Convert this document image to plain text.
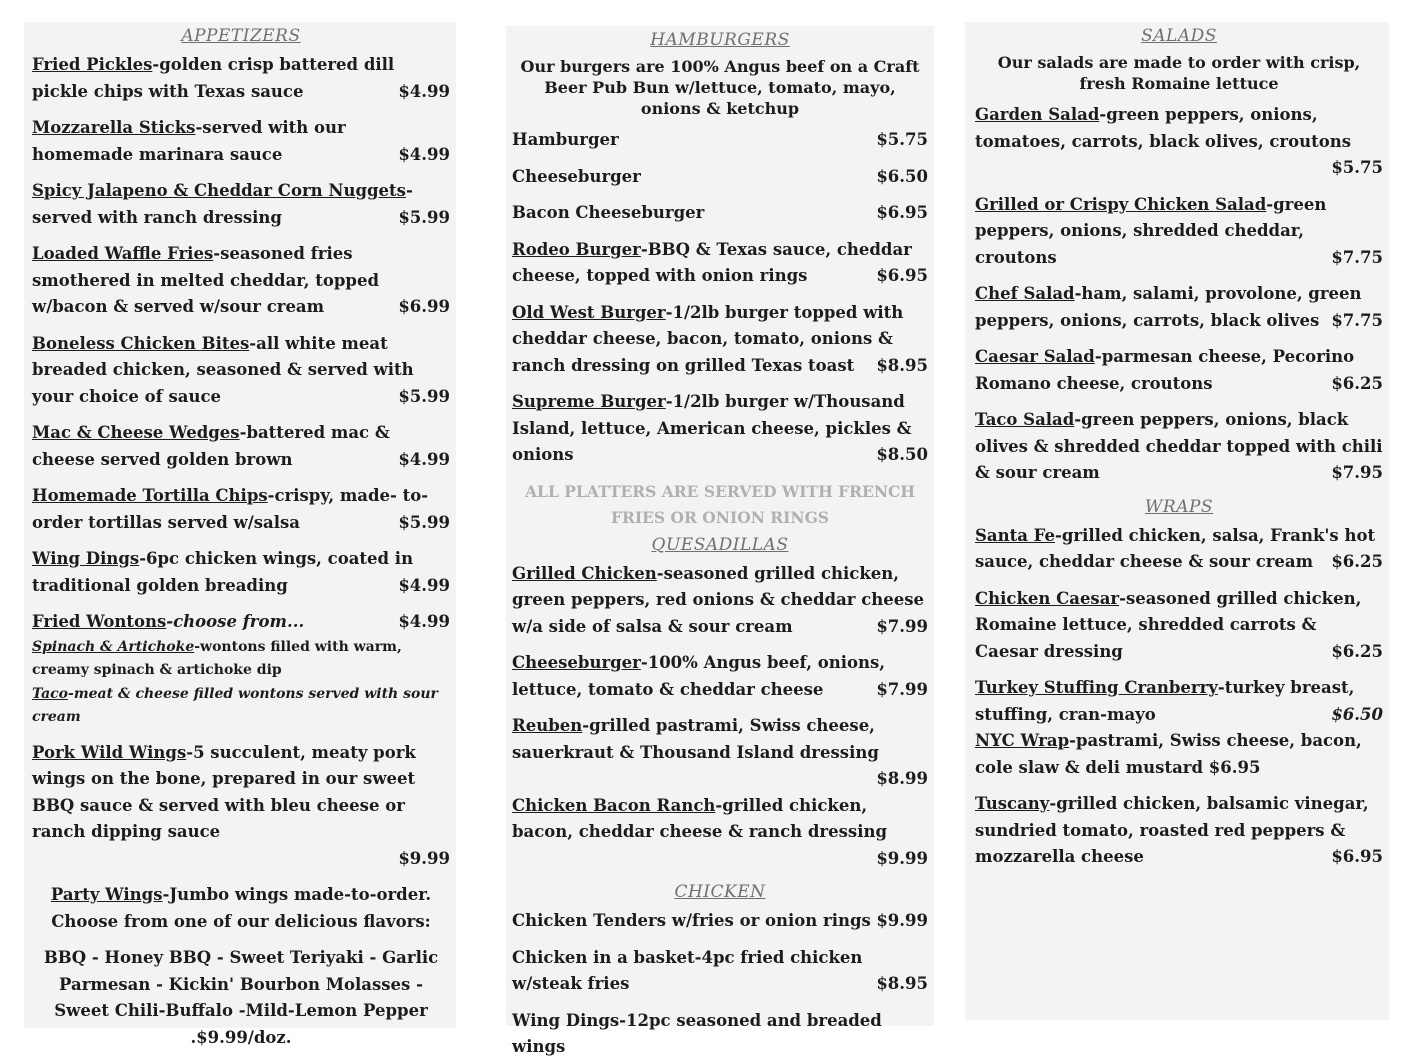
APPETIZERS
Fried Pickles-golden crisp battered dill pickle chips with Texas sauce	$4.99
Mozzarella Sticks-served with our homemade marinara sauce	$4.99
Spicy Jalapeno & Cheddar Corn Nuggets-served with ranch dressing	$5.99
Loaded Waffle Fries-seasoned fries smothered in melted cheddar, topped w/bacon & served w/sour cream	$6.99
Boneless Chicken Bites-all white meat breaded chicken, seasoned & served with your choice of sauce	$5.99
Mac & Cheese Wedges-battered mac & cheese served golden brown	$4.99
Homemade Tortilla Chips-crispy, made- to-order tortillas served w/salsa	$5.99
Wing Dings-6pc chicken wings, coated in traditional golden breading	$4.99
Fried Wontons-choose from...	$4.99
Spinach & Artichoke-wontons filled with warm, creamy spinach & artichoke dip
Taco-meat & cheese filled wontons served with sour cream
Pork Wild Wings-5 succulent, meaty pork wings on the bone, prepared in our sweet BBQ sauce & served with bleu cheese or ranch dipping sauce
$9.99
Party Wings-Jumbo wings made-to-order. Choose from one of our delicious flavors:
BBQ - Honey BBQ - Sweet Teriyaki - Garlic Parmesan - Kickin' Bourbon Molasses -Sweet Chili-Buffalo -Mild-Lemon Pepper
.$9.99/doz.
HAMBURGERS
Our burgers are 100% Angus beef on a Craft Beer Pub Bun w/lettuce, tomato, mayo, onions & ketchup
Hamburger	$5.75
Cheeseburger	$6.50
Bacon Cheeseburger	$6.95
Rodeo Burger-BBQ & Texas sauce, cheddar cheese, topped with onion rings	$6.95
Old West Burger-1/2lb burger topped with cheddar cheese, bacon, tomato, onions & ranch dressing on grilled Texas toast $8.95
Supreme Burger-1/2lb burger w/Thousand Island, lettuce, American cheese, pickles & onions	$8.50
ALL PLATTERS ARE SERVED WITH FRENCH FRIES OR ONION RINGS
QUESADILLAS
Grilled Chicken-seasoned grilled chicken, green peppers, red onions & cheddar cheese w/a side of salsa & sour cream	$7.99
Cheeseburger-100% Angus beef, onions, lettuce, tomato & cheddar cheese	$7.99
Reuben-grilled pastrami, Swiss cheese, sauerkraut & Thousand Island dressing
$8.99
Chicken Bacon Ranch-grilled chicken, bacon, cheddar cheese & ranch dressing
$9.99
CHICKEN
Chicken Tenders w/fries or onion rings $9.99
Chicken in a basket-4pc fried chicken w/steak fries	$8.95
Wing Dings-12pc seasoned and breaded wings
SALADS
Our salads are made to order with crisp, fresh Romaine lettuce
Garden Salad-green peppers, onions, tomatoes, carrots, black olives, croutons
$5.75
Grilled or Crispy Chicken Salad-green peppers, onions, shredded cheddar, croutons	$7.75
Chef Salad-ham, salami, provolone, green peppers, onions, carrots, black olives $7.75
Caesar Salad-parmesan cheese, Pecorino Romano cheese, croutons	$6.25
Taco Salad-green peppers, onions, black olives & shredded cheddar topped with chili & sour cream	$7.95
WRAPS
Santa Fe-grilled chicken, salsa, Frank's hot sauce, cheddar cheese & sour cream $6.25
Chicken Caesar-seasoned grilled chicken, Romaine lettuce, shredded carrots & Caesar dressing	$6.25
Turkey Stuffing Cranberry-turkey breast, stuffing, cran-mayo	$6.50
NYC Wrap-pastrami, Swiss cheese, bacon, cole slaw & deli mustard $6.95
Tuscany-grilled chicken, balsamic vinegar, sundried tomato, roasted red peppers & mozzarella cheese	$6.95
